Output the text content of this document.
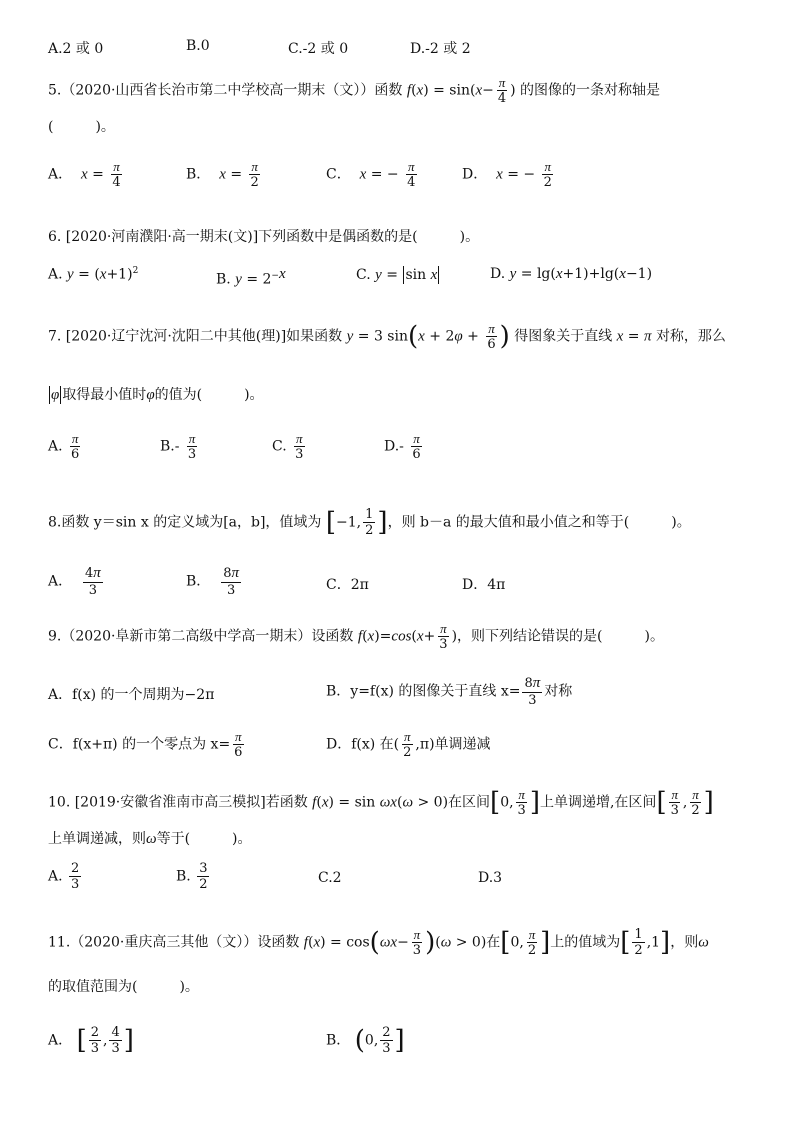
A.2 或 0	B.0	C.-2 或 0	D.-2 或 2
5.（2020·山西省长治市第二中学校高一期末（文））函数 $f(x) = \sin(x- \frac{\pi}{4}$ ) 的图像的一条对称轴是
(　　　)。
A．  $x = \frac{\pi}{4}$	B．  $x = \frac{\pi}{2}$	C．  x = − $\frac{\pi}{4}$	D．  x = − $\frac{\pi}{2}$
6. [2020·河南濮阳·高一期末(文)]下列函数中是偶函数的是(　　　)。
A. $y = (x+1)^2$
B. $y = 2^{-x}$	C. y = sin x	D. y = lg(x+1)+lg(x−1)
7. [2020·辽宁沈河·沈阳二中其他(理)]如果函数 y = 3 $\sin(x + 2\varphi + \frac{\pi}{6}$ ) 得图象关于直线 x = π 对称，那么
φ 取得最小值时φ的值为(　　　)。
A. $\frac{\pi}{6}$	$B.- \frac{\pi}{3}$	C. $\frac{\pi}{3}$	$D.- \frac{\pi}{6}$
8.函数 y＝sin x 的定义域为[a，b]，值域为 [−1, $\frac{1}{2}$ ]，则 b－a 的最大值和最小值之和等于(　　　)。
A． $\frac{4\pi}{3}$	B． $\frac{8\pi}{3}$	C．2π	D．4π
9.（2020·阜新市第二高级中学高一期末）设函数 $f(x)=\cos(x+ \frac{\pi}{3}$ )，则下列结论错误的是(　　　)。
A．f(x) 的一个周期为−2π	B．y=f(x) 的图像关于直线 $x= \frac{8\pi}{3}$ 对称
C．f(x+π) 的一个零点为 $x= \frac{\pi}{6}$	D．f(x) 在( $\frac{\pi}{2} ,\pi$)单调递减
10. [2019·安徽省淮南市高三模拟]若函数 f(x) = sin ωx(ω > 0)在区间[0, $\frac{\pi}{3}$ ]上单调递增,在区间[ $\frac{\pi}{3}$ , $\frac{\pi}{2}$ ]
上单调递减，则ω等于(　　　)。
A. $\frac{2}{3}$	B. $\frac{3}{2}$	C.2	D.3
11.（2020·重庆高三其他（文））设函数 $f(x) = \cos(\omega x- \frac{\pi}{3} )(\omega > 0)$在[0, $\frac{\pi}{2}$ ]上的值域为[ $\frac{1}{2} ,1$]，则ω
的取值范围为(　　　)。
A． [ $\frac{2}{3}$ , $\frac{4}{3}$ ]	B． (0, $\frac{2}{3}$ ]
